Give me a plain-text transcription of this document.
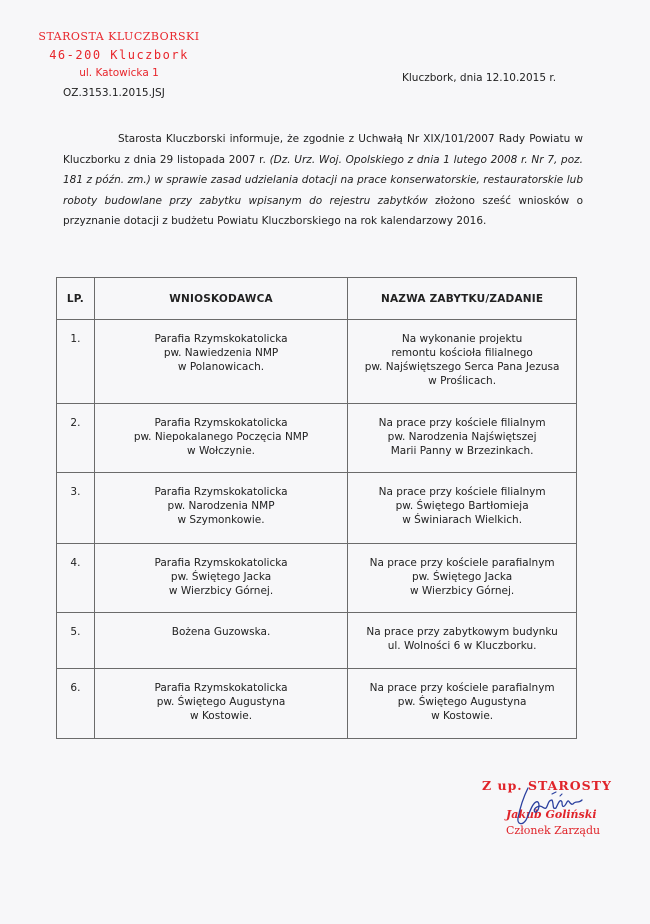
STAROSTA KLUCZBORSKI
46-200 Kluczbork
ul. Katowicka 1
OZ.3153.1.2015.JSJ
Kluczbork, dnia 12.10.2015 r.
Starosta Kluczborski informuje, że zgodnie z Uchwałą Nr XIX/101/2007 Rady Powiatu w Kluczborku z dnia 29 listopada 2007 r. (Dz. Urz. Woj. Opolskiego z dnia 1 lutego 2008 r. Nr 7, poz. 181 z późn. zm.) w sprawie zasad udzielania dotacji na prace konserwatorskie, restauratorskie lub roboty budowlane przy zabytku wpisanym do rejestru zabytków złożono sześć wniosków o przyznanie dotacji z budżetu Powiatu Kluczborskiego na rok kalendarzowy 2016.
LP.	WNIOSKODAWCA	NAZWA ZABYTKU/ZADANIE
1.	Parafia Rzymskokatolicka
pw. Nawiedzenia NMP
w Polanowicach.	Na wykonanie projektu
remontu kościoła filialnego
pw. Najświętszego Serca Pana Jezusa
w Proślicach.

2.	Parafia Rzymskokatolicka
pw. Niepokalanego Poczęcia NMP
w Wołczynie.	Na prace przy kościele filialnym
pw. Narodzenia Najświętszej
Marii Panny w Brzezinkach.

3.	Parafia Rzymskokatolicka
pw. Narodzenia NMP
w Szymonkowie.	Na prace przy kościele filialnym
pw. Świętego Bartłomieja
w Świniarach Wielkich.

4.	Parafia Rzymskokatolicka
pw. Świętego Jacka
w Wierzbicy Górnej.	Na prace przy kościele parafialnym
pw. Świętego Jacka
w Wierzbicy Górnej.

5.	Bożena Guzowska.	Na prace przy zabytkowym budynku
ul. Wolności 6 w Kluczborku.

6.	Parafia Rzymskokatolicka
pw. Świętego Augustyna
w Kostowie.	Na prace przy kościele parafialnym
pw. Świętego Augustyna
w Kostowie.
Z up. STAROSTY
Jakub Goliński
Członek Zarządu
